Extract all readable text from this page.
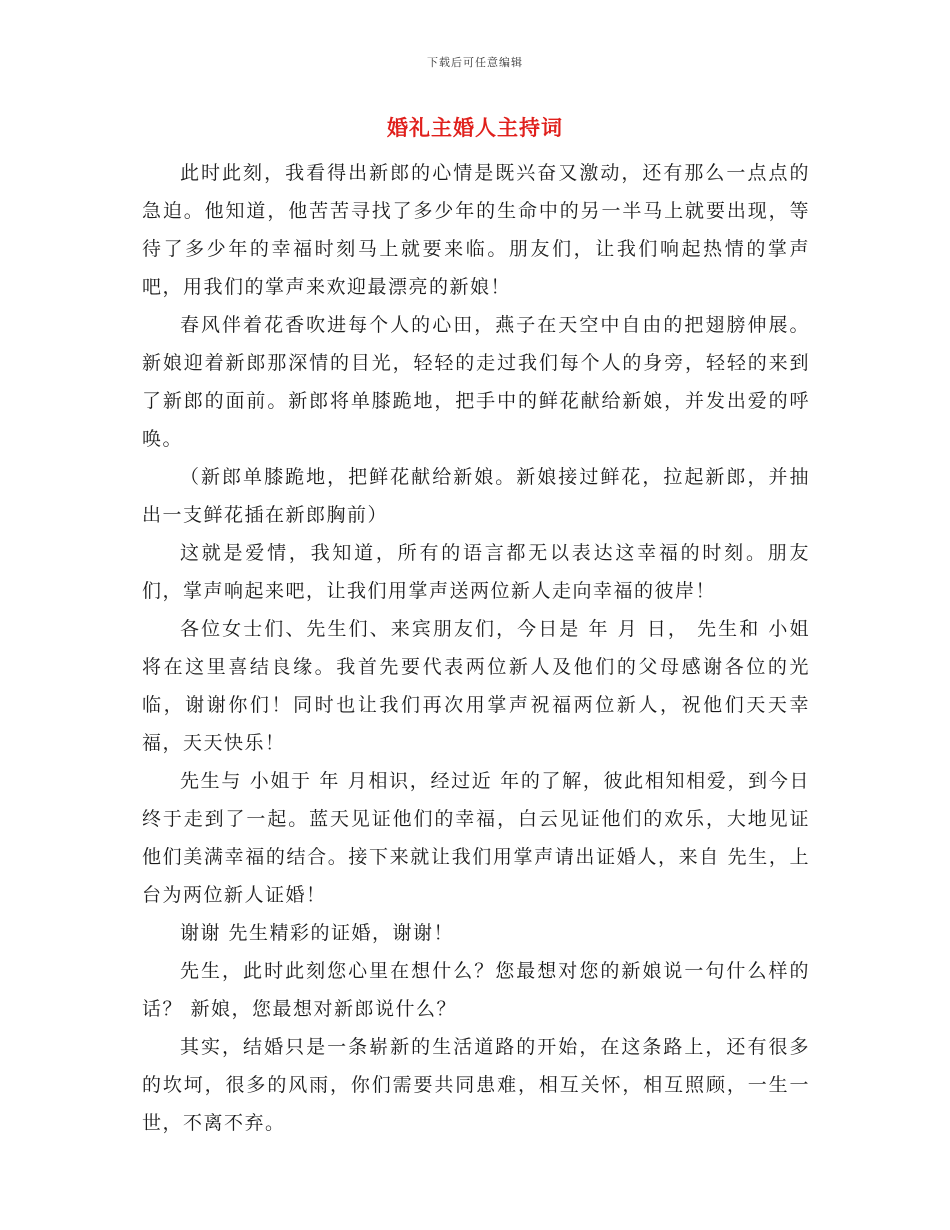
下载后可任意编辑
婚礼主婚人主持词

此时此刻，我看得出新郎的心情是既兴奋又激动，还有那么一点点的急迫。他知道，他苦苦寻找了多少年的生命中的另一半马上就要出现，等待了多少年的幸福时刻马上就要来临。朋友们，让我们响起热情的掌声吧，用我们的掌声来欢迎最漂亮的新娘！

春风伴着花香吹进每个人的心田，燕子在天空中自由的把翅膀伸展。新娘迎着新郎那深情的目光，轻轻的走过我们每个人的身旁，轻轻的来到了新郎的面前。新郎将单膝跪地，把手中的鲜花献给新娘，并发出爱的呼唤。

（新郎单膝跪地，把鲜花献给新娘。新娘接过鲜花，拉起新郎，并抽出一支鲜花插在新郎胸前）

这就是爱情，我知道，所有的语言都无以表达这幸福的时刻。朋友们，掌声响起来吧，让我们用掌声送两位新人走向幸福的彼岸！

各位女士们、先生们、来宾朋友们，今日是 年 月 日， 先生和 小姐将在这里喜结良缘。我首先要代表两位新人及他们的父母感谢各位的光临，谢谢你们！同时也让我们再次用掌声祝福两位新人，祝他们天天幸福，天天快乐！

先生与 小姐于 年 月相识，经过近 年的了解，彼此相知相爱，到今日终于走到了一起。蓝天见证他们的幸福，白云见证他们的欢乐，大地见证他们美满幸福的结合。接下来就让我们用掌声请出证婚人，来自 先生，上台为两位新人证婚！

谢谢 先生精彩的证婚，谢谢！

先生，此时此刻您心里在想什么？您最想对您的新娘说一句什么样的话？ 新娘，您最想对新郎说什么？

其实，结婚只是一条崭新的生活道路的开始，在这条路上，还有很多的坎坷，很多的风雨，你们需要共同患难，相互关怀，相互照顾，一生一世，不离不弃。
